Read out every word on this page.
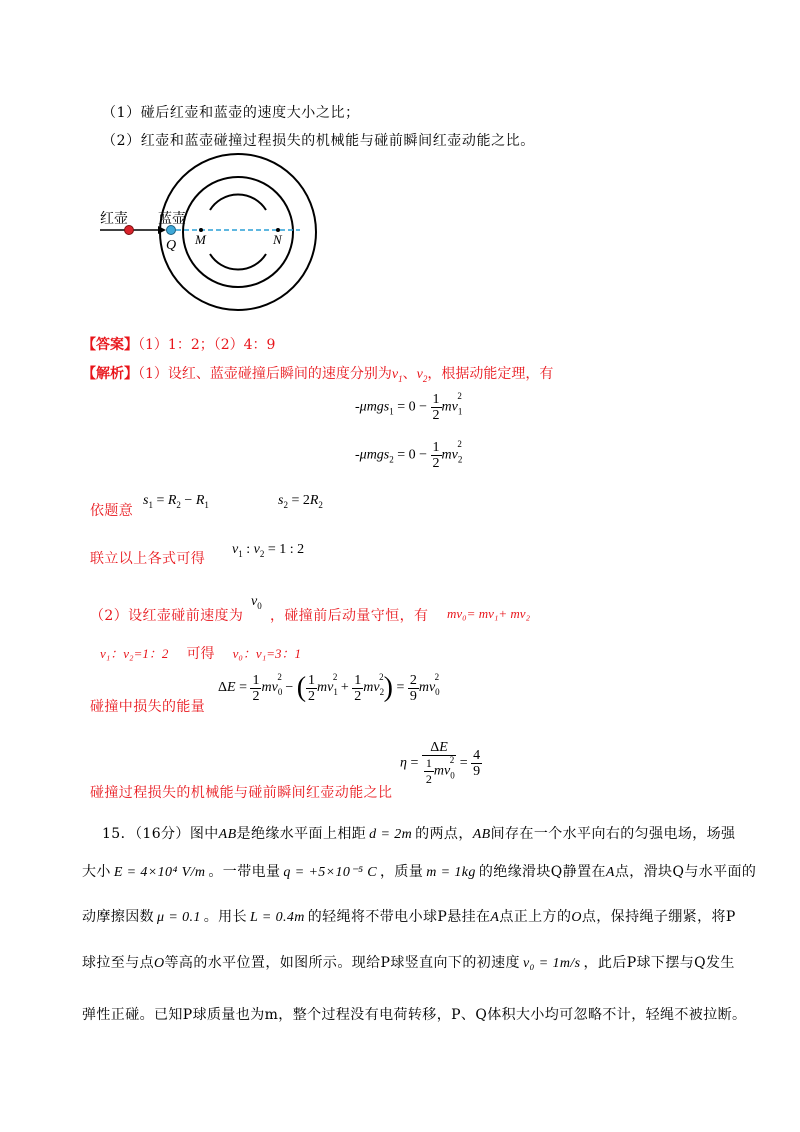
（1）碰后红壶和蓝壶的速度大小之比；
（2）红壶和蓝壶碰撞过程损失的机械能与碰前瞬间红壶动能之比。
红壶 蓝壶
Q M	N
【答案】（1）1：2；（2）4：9
【解析】（1）设红、蓝壶碰撞后瞬间的速度分别为$v_1$、$v_2$，根据动能定理，有
$-\mu mgs_1 = 0 - \frac{1}{2} mv_1^2$
$-\mu mgs_2 = 0 - \frac{1}{2} mv_2^2$
依题意
$s_1 = R_2 - R_1$	$s_2 = 2R_2$
联立以上各式可得
$v_1$ : $v_2 = 1$ : 2
（2）设红壶碰前速度为
$v_0$
，碰撞前后动量守恒，有 mv₀= mv₁+ mv₂
v₁：v₂=1：2 可得 v₀：v₁=3：1
碰撞中损失的能量
$\Delta E = \frac{1}{2} mv_0^2$ − ( $\frac{1}{2} mv_1^2 + \frac{1}{2} mv_2^2) = \frac{2}{9} mv_0^2$
$\eta = \frac{\Delta E}{\frac{1}{2} mv_0^2} = \frac{4}{9}$
碰撞过程损失的机械能与碰前瞬间红壶动能之比
15．（16分）图中AB是绝缘水平面上相距 d = 2m 的两点，AB间存在一个水平向右的匀强电场，场强
大小 E = 4×10⁴ V/m 。一带电量 q = +5×10⁻⁵ C ，质量 m = 1kg 的绝缘滑块Q静置在A点，滑块Q与水平面的
动摩擦因数 μ = 0.1 。用长 L = 0.4m 的轻绳将不带电小球P悬挂在A点正上方的O点，保持绳子绷紧，将P
球拉至与点O等高的水平位置，如图所示。现给P球竖直向下的初速度 v₀ = 1m/s ，此后P球下摆与Q发生
弹性正碰。已知P球质量也为m，整个过程没有电荷转移，P、Q体积大小均可忽略不计，轻绳不被拉断。
